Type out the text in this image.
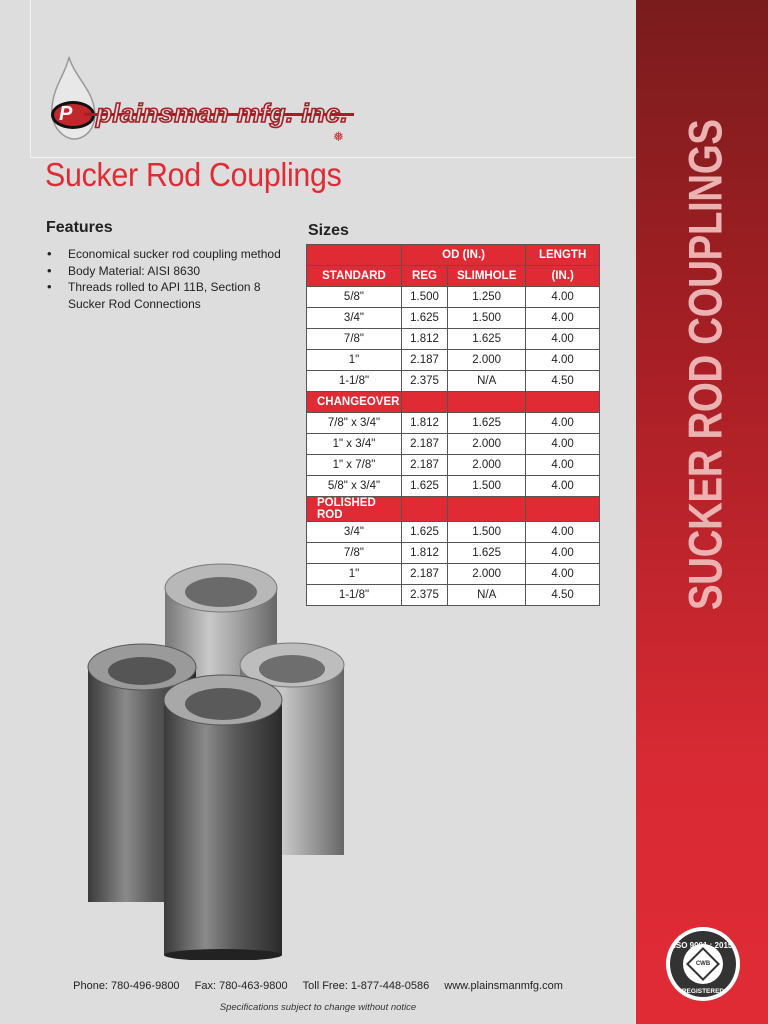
plainsman mfg. inc.
P
❅
Sucker Rod Couplings
Features
• Economical sucker rod coupling method
• Body Material: AISI 8630
• Threads rolled to API 11B, Section 8 Sucker Rod Connections
Sizes
	OD (IN.)		LENGTH
STANDARD	REG	SLIMHOLE	(IN.)
5/8"	1.500	1.250	4.00
3/4"	1.625	1.500	4.00
7/8"	1.812	1.625	4.00
1"	2.187	2.000	4.00
1-1/8"	2.375	N/A	4.50
CHANGEOVER			
7/8" x 3/4"	1.812	1.625	4.00
1" x 3/4"	2.187	2.000	4.00
1" x 7/8"	2.187	2.000	4.00
5/8" x 3/4"	1.625	1.500	4.00
POLISHED ROD			
3/4"	1.625	1.500	4.00
7/8"	1.812	1.625	4.00
1"	2.187	2.000	4.00
1-1/8"	2.375	N/A	4.50 SUCKER ROD COUPLINGS
ISO 9001 : 2015
CWB
REGISTERED
Phone: 780-496-9800 Fax: 780-463-9800 Toll Free: 1-877-448-0586 www.plainsmanmfg.com
Specifications subject to change without notice
